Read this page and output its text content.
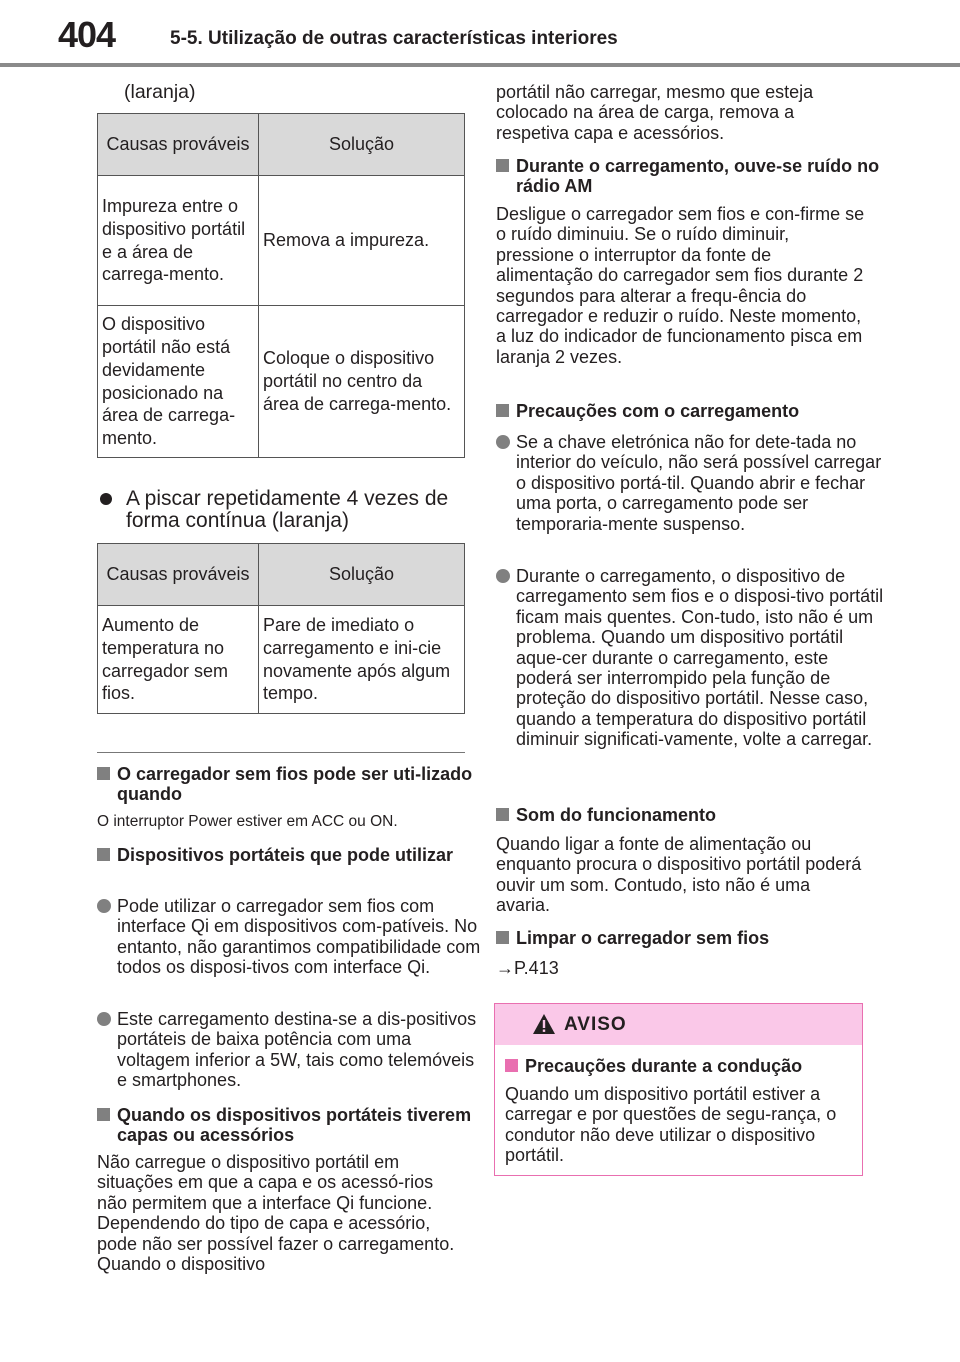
404	5-5. Utilização de outras características interiores
(laranja)
Causas prováveis	Solução
Impureza entre o dispositivo portátil e a área de carrega-mento.	Remova a impureza.
O dispositivo portátil não está devidamente posicionado na área de carrega-mento.	Coloque o dispositivo portátil no centro da área de carrega-mento.
A piscar repetidamente 4 vezes de forma contínua (laranja)
Causas prováveis	Solução
Aumento de temperatura no carregador sem fios.	Pare de imediato o carregamento e ini-cie novamente após algum tempo.
O carregador sem fios pode ser uti-lizado quando
O interruptor Power estiver em ACC ou ON.
Dispositivos portáteis que pode utilizar
Pode utilizar o carregador sem fios com interface Qi em dispositivos com-patíveis. No entanto, não garantimos compatibilidade com todos os disposi-tivos com interface Qi.
Este carregamento destina-se a dis-positivos portáteis de baixa potência com uma voltagem inferior a 5W, tais como telemóveis e smartphones.
Quando os dispositivos portáteis tiverem capas ou acessórios
Não carregue o dispositivo portátil em situações em que a capa e os acessó-rios não permitem que a interface Qi funcione. Dependendo do tipo de capa e acessório, pode não ser possível fazer o carregamento. Quando o dispositivo
portátil não carregar, mesmo que esteja colocado na área de carga, remova a respetiva capa e acessórios.
Durante o carregamento, ouve-se ruído no rádio AM
Desligue o carregador sem fios e con-firme se o ruído diminuiu. Se o ruído diminuir, pressione o interruptor da fonte de alimentação do carregador sem fios durante 2 segundos para alterar a frequ-ência do carregador e reduzir o ruído. Neste momento, a luz do indicador de funcionamento pisca em laranja 2 vezes.
Precauções com o carregamento
Se a chave eletrónica não for dete-tada no interior do veículo, não será possível carregar o dispositivo portá-til. Quando abrir e fechar uma porta, o carregamento pode ser temporaria-mente suspenso.
Durante o carregamento, o dispositivo de carregamento sem fios e o disposi-tivo portátil ficam mais quentes. Con-tudo, isto não é um problema. Quando um dispositivo portátil aque-cer durante o carregamento, este poderá ser interrompido pela função de proteção do dispositivo portátil. Nesse caso, quando a temperatura do dispositivo portátil diminuir significati-vamente, volte a carregar.
Som do funcionamento
Quando ligar a fonte de alimentação ou enquanto procura o dispositivo portátil poderá ouvir um som. Contudo, isto não é uma avaria.
Limpar o carregador sem fios
→P.413
AVISO
Precauções durante a condução
Quando um dispositivo portátil estiver a carregar e por questões de segu-rança, o condutor não deve utilizar o dispositivo portátil.
